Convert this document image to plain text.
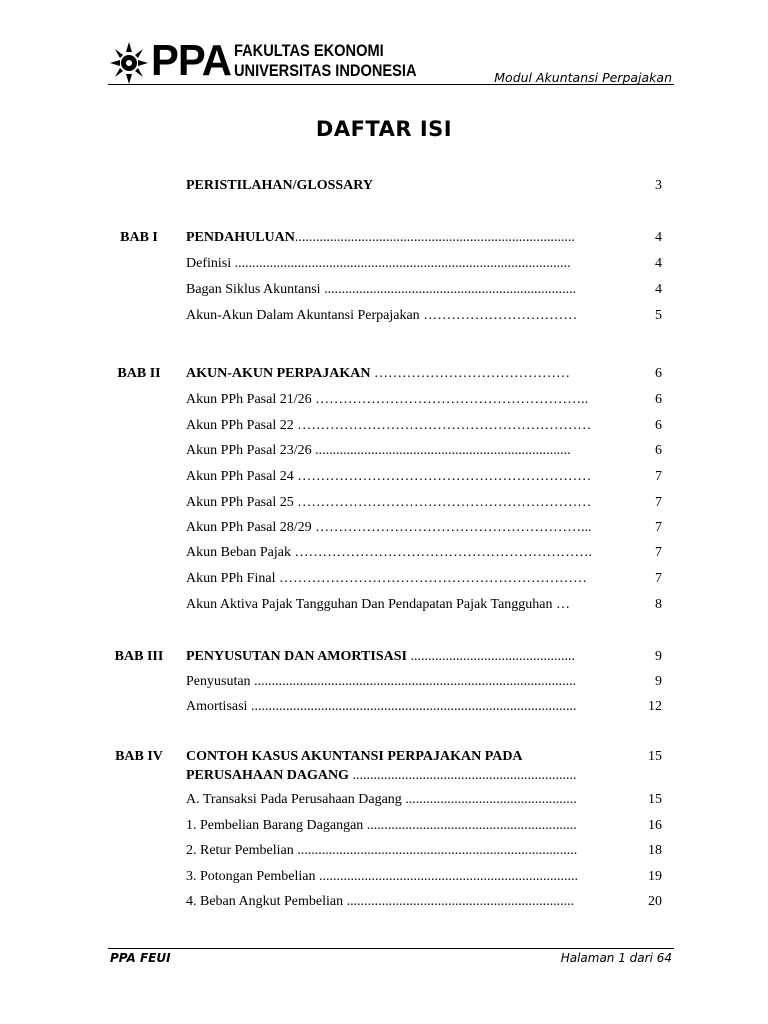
PPA FAKULTAS EKONOMI
UNIVERSITAS INDONESIA	Modul Akuntansi Perpajakan
DAFTAR ISI
PERISTILAHAN/GLOSSARY	3
BAB I	PENDAHULUAN................................................................................	4
Definisi ................................................................................................	4
Bagan Siklus Akuntansi ........................................................................	4
Akun-Akun Dalam Akuntansi Perpajakan ……………………………	5
BAB II	AKUN-AKUN PERPAJAKAN ……………………………………	6
Akun PPh Pasal 21/26 …………………………………………………..	6
Akun PPh Pasal 22 ………………………………………………………	6
Akun PPh Pasal 23/26 .........................................................................	6
Akun PPh Pasal 24 ………………………………………………………	7
Akun PPh Pasal 25 ………………………………………………………	7
Akun PPh Pasal 28/29 …………………………………………………...	7
Akun Beban Pajak ……………………………………………………….	7
Akun PPh Final …………………………………………………………	7
Akun Aktiva Pajak Tangguhan Dan Pendapatan Pajak Tangguhan …	8
BAB III	PENYUSUTAN DAN AMORTISASI ...............................................	9
Penyusutan ............................................................................................	9
Amortisasi .............................................................................................	12
BAB IV	CONTOH KASUS AKUNTANSI PERPAJAKAN PADA	15
PERUSAHAAN DAGANG ................................................................
A. Transaksi Pada Perusahaan Dagang .................................................	15
1. Pembelian Barang Dagangan ............................................................	16
2. Retur Pembelian ................................................................................	18
3. Potongan Pembelian ..........................................................................	19
4. Beban Angkut Pembelian .................................................................	20
PPA FEUI	Halaman 1 dari 64
